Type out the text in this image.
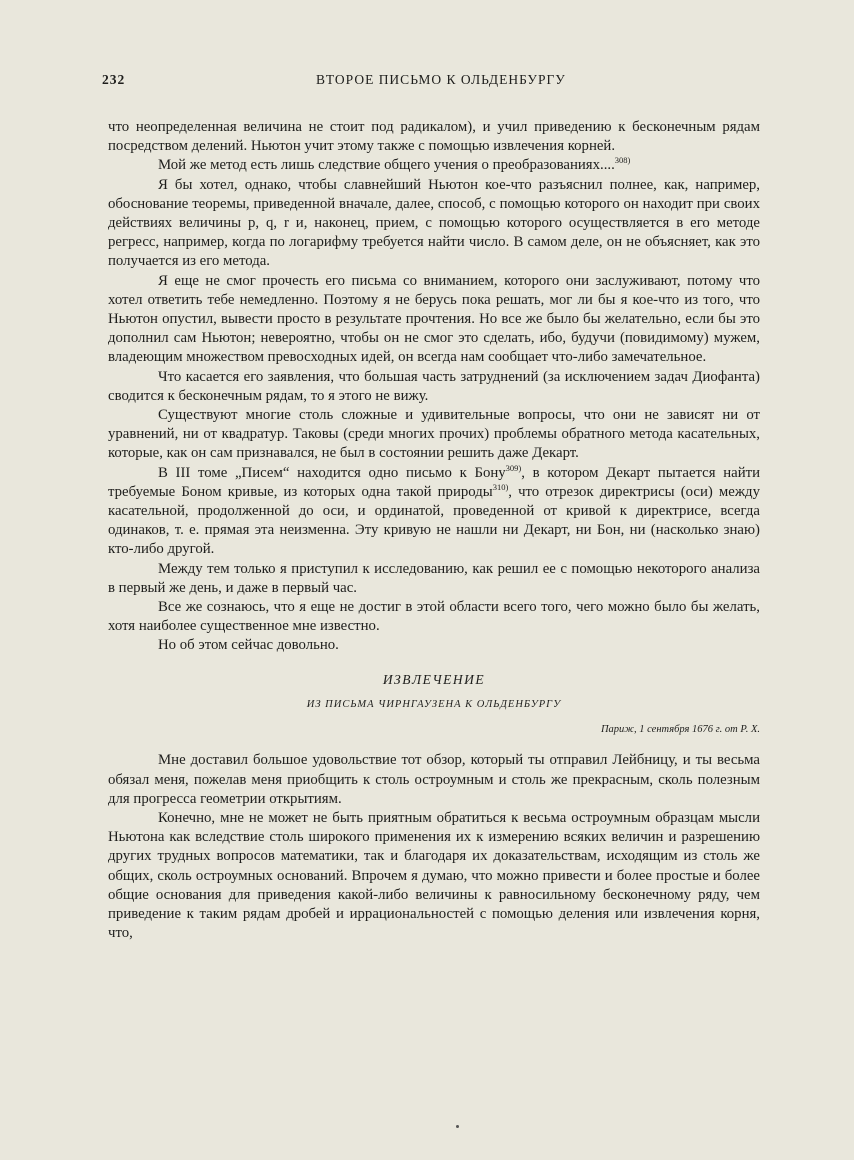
232	ВТОРОЕ ПИСЬМО К ОЛЬДЕНБУРГУ

что неопределенная величина не стоит под радикалом), и учил приведению к бесконечным рядам посредством делений. Ньютон учит этому также с помощью извлечения корней.

Мой же метод есть лишь следствие общего учения о преобразованиях....$^{308)}$

Я бы хотел, однако, чтобы славнейший Ньютон кое-что разъяснил полнее, как, например, обоснование теоремы, приведенной вначале, далее, способ, с помощью которого он находит при своих действиях величины p, q, r и, наконец, прием, с помощью которого осуществляется в его методе регресс, например, когда по логарифму требуется найти число. В самом деле, он не объясняет, как это получается из его метода.

Я еще не смог прочесть его письма со вниманием, которого они заслуживают, потому что хотел ответить тебе немедленно. Поэтому я не берусь пока решать, мог ли бы я кое-что из того, что Ньютон опустил, вывести просто в результате прочтения. Но все же было бы желательно, если бы это дополнил сам Ньютон; невероятно, чтобы он не смог это сделать, ибо, будучи (повидимому) мужем, владеющим множеством превосходных идей, он всегда нам сообщает что-либо замечательное.

Что касается его заявления, что большая часть затруднений (за исключением задач Диофанта) сводится к бесконечным рядам, то я этого не вижу.

Существуют многие столь сложные и удивительные вопросы, что они не зависят ни от уравнений, ни от квадратур. Таковы (среди многих прочих) проблемы обратного метода касательных, которые, как он сам признавался, не был в состоянии решить даже Декарт.

В III томе „Писем“ находится одно письмо к Бону$^{309)}$, в котором Декарт пытается найти требуемые Боном кривые, из которых одна такой природы$^{310)}$, что отрезок директрисы (оси) между касательной, продолженной до оси, и ординатой, проведенной от кривой к директрисе, всегда одинаков, т. е. прямая эта неизменна. Эту кривую не нашли ни Декарт, ни Бон, ни (насколько знаю) кто-либо другой.

Между тем только я приступил к исследованию, как решил ее с помощью некоторого анализа в первый же день, и даже в первый час.

Все же сознаюсь, что я еще не достиг в этой области всего того, чего можно было бы желать, хотя наиболее существенное мне известно.

Но об этом сейчас довольно.

ИЗВЛЕЧЕНИЕ
ИЗ ПИСЬМА ЧИРНГАУЗЕНА К ОЛЬДЕНБУРГУ
Париж, 1 сентября 1676 г. от Р. Х.

Мне доставил большое удовольствие тот обзор, который ты отправил Лейбницу, и ты весьма обязал меня, пожелав меня приобщить к столь остроумным и столь же прекрасным, сколь полезным для прогресса геометрии открытиям.

Конечно, мне не может не быть приятным обратиться к весьма остроумным образцам мысли Ньютона как вследствие столь широкого применения их к измерению всяких величин и разрешению других трудных вопросов математики, так и благодаря их доказательствам, исходящим из столь же общих, сколь остроумных оснований. Впрочем я думаю, что можно привести и более простые и более общие основания для приведения какой-либо величины к равносильному бесконечному ряду, чем приведение к таким рядам дробей и иррациональностей с помощью деления или извлечения корня, что,
